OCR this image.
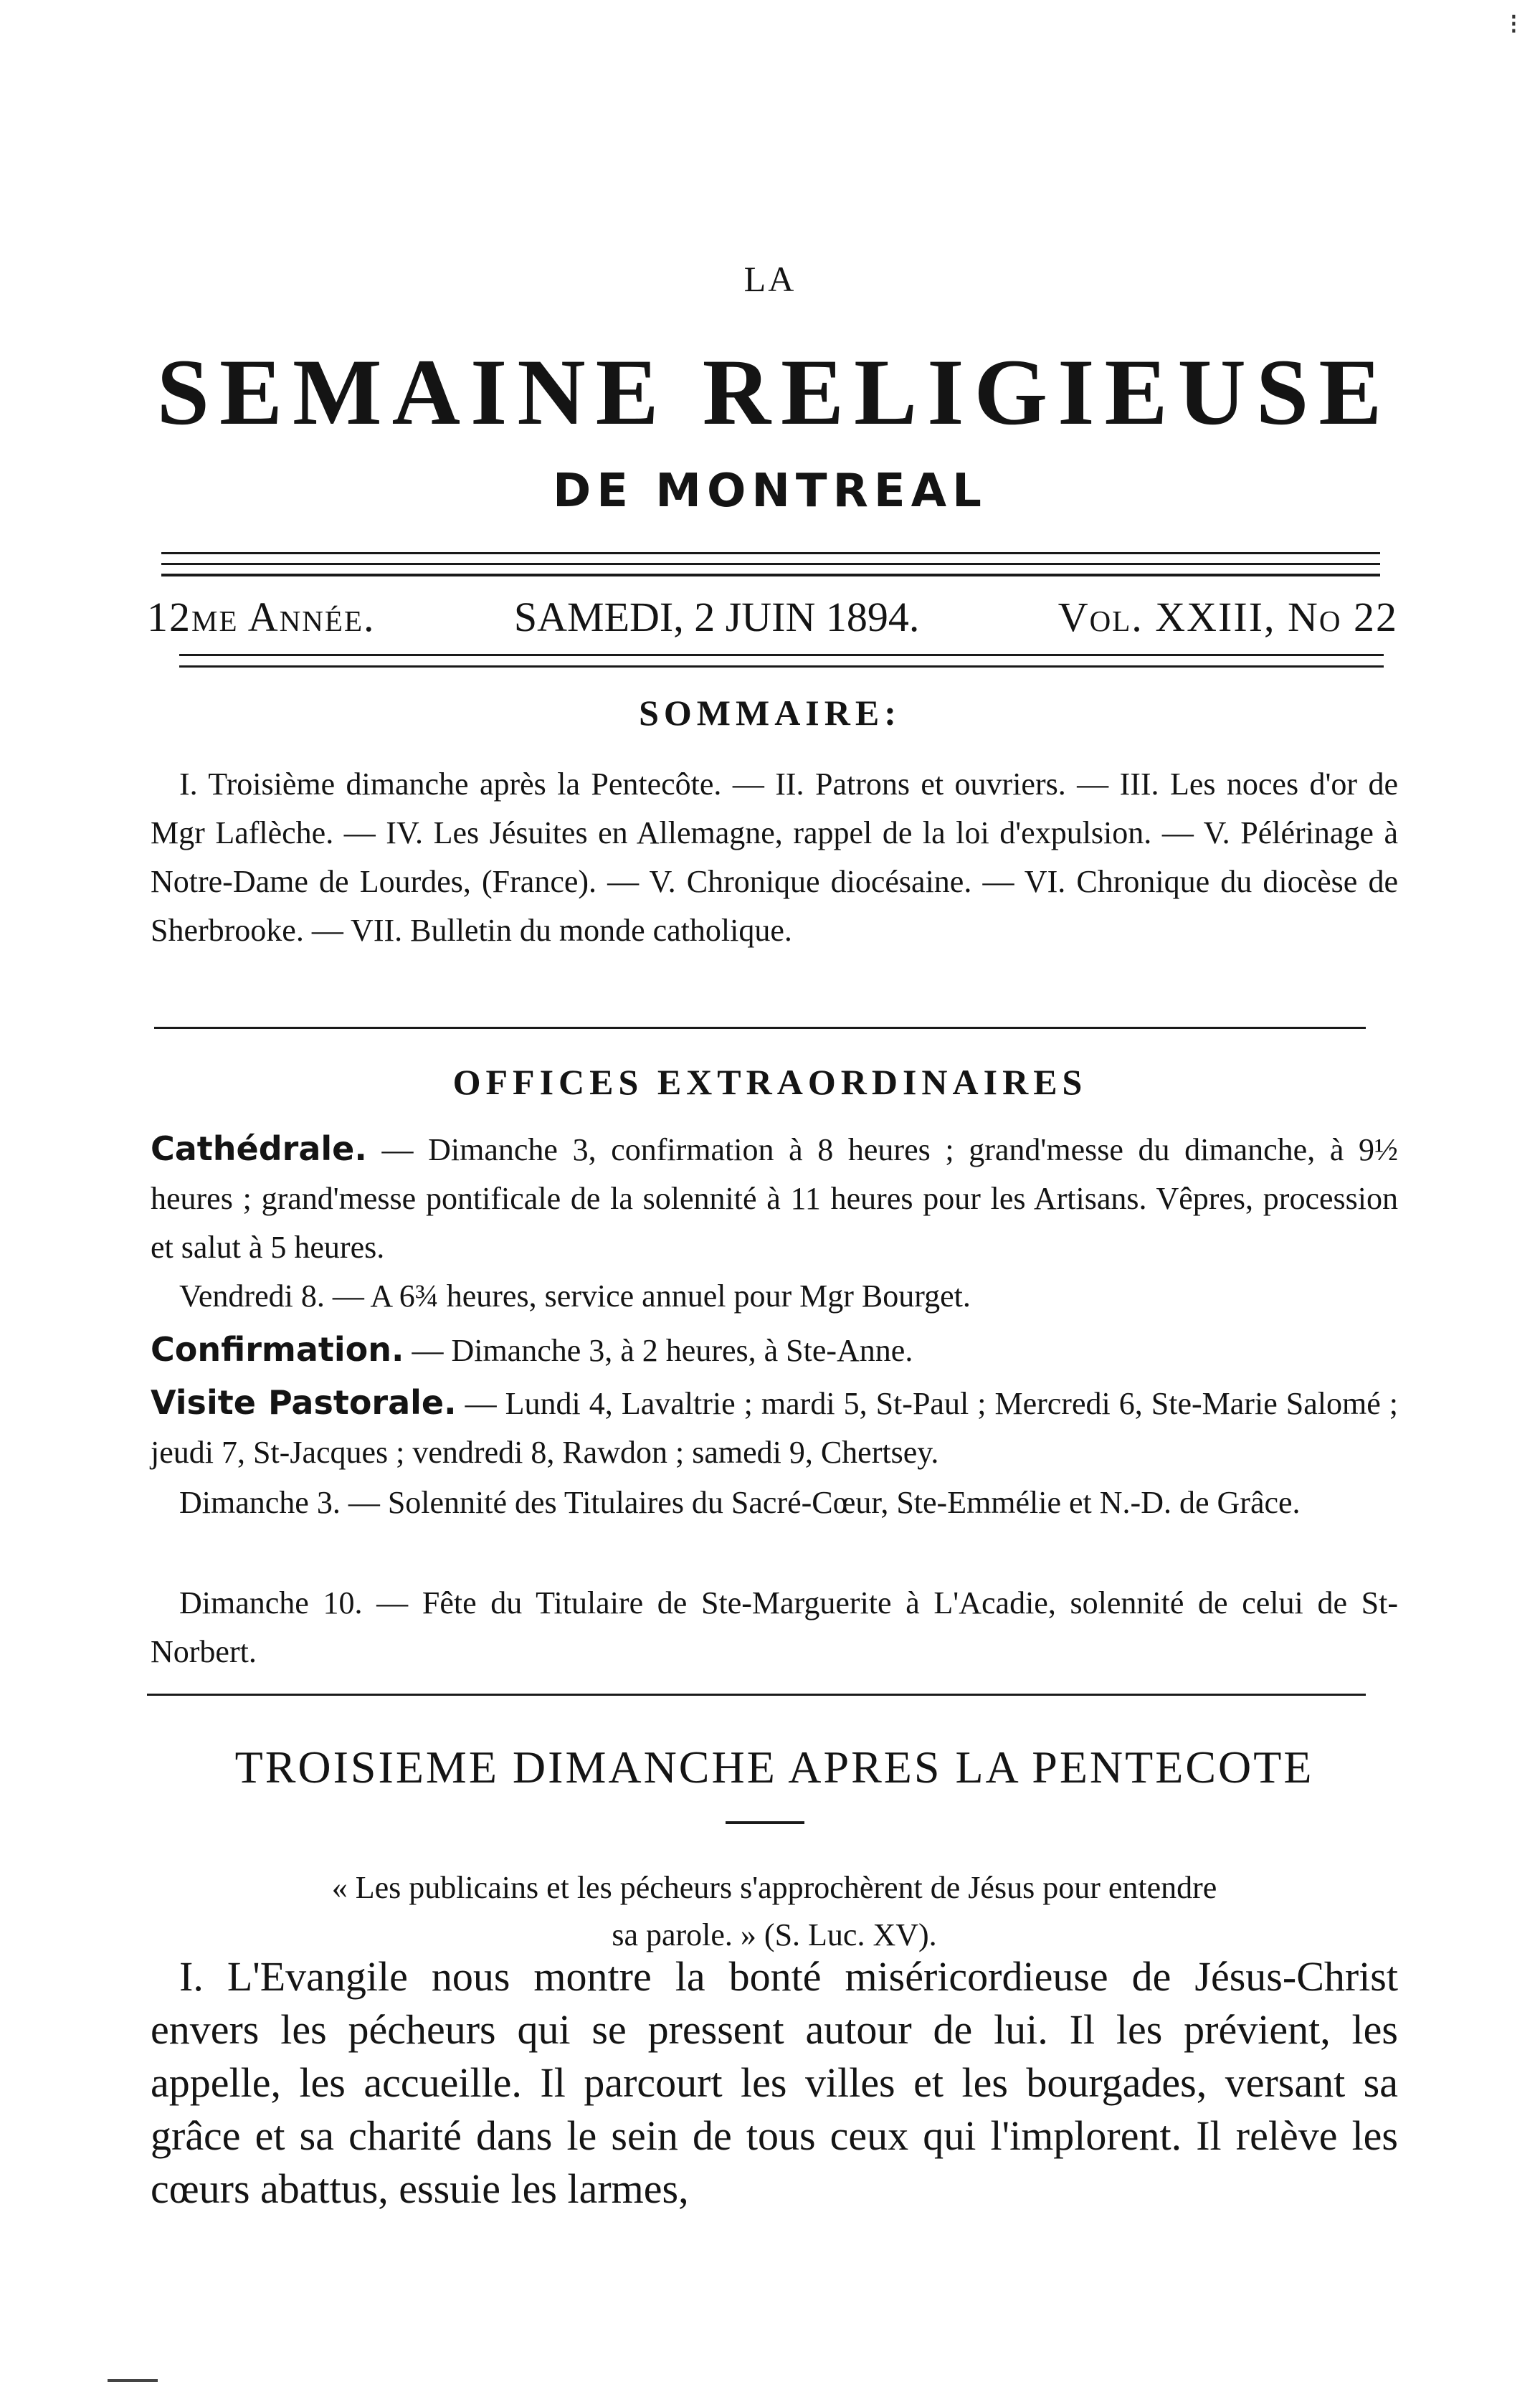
LA
SEMAINE RELIGIEUSE
DE MONTREAL
12me Année.	SAMEDI, 2 JUIN 1894.	Vol. XXIII, No 22
SOMMAIRE:
I. Troisième dimanche après la Pentecôte. — II. Patrons et ouvriers. — III. Les noces d'or de Mgr Laflèche. — IV. Les Jésuites en Allemagne, rappel de la loi d'expulsion. — V. Pélérinage à Notre-Dame de Lourdes, (France). — V. Chronique diocésaine. — VI. Chronique du diocèse de Sherbrooke. — VII. Bulletin du monde catholique.
OFFICES EXTRAORDINAIRES
Cathédrale. — Dimanche 3, confirmation à 8 heures ; grand'messe du dimanche, à 9½ heures ; grand'messe pontificale de la solennité à 11 heures pour les Artisans. Vêpres, procession et salut à 5 heures.
Vendredi 8. — A 6¾ heures, service annuel pour Mgr Bourget.
Confirmation. — Dimanche 3, à 2 heures, à Ste-Anne.
Visite Pastorale. — Lundi 4, Lavaltrie ; mardi 5, St-Paul ; Mercredi 6, Ste-Marie Salomé ; jeudi 7, St-Jacques ; vendredi 8, Rawdon ; samedi 9, Chertsey.
Dimanche 3. — Solennité des Titulaires du Sacré-Cœur, Ste-Emmélie et N.-D. de Grâce.
Dimanche 10. — Fête du Titulaire de Ste-Marguerite à L'Acadie, solennité de celui de St-Norbert.
TROISIEME DIMANCHE APRES LA PENTECOTE
« Les publicains et les pécheurs s'approchèrent de Jésus pour entendre
sa parole. » (S. Luc. XV).
I. L'Evangile nous montre la bonté miséricordieuse de Jésus-Christ envers les pécheurs qui se pressent autour de lui. Il les prévient, les appelle, les accueille. Il parcourt les villes et les bourgades, versant sa grâce et sa charité dans le sein de tous ceux qui l'implorent. Il relève les cœurs abattus, essuie les larmes,
⁝
